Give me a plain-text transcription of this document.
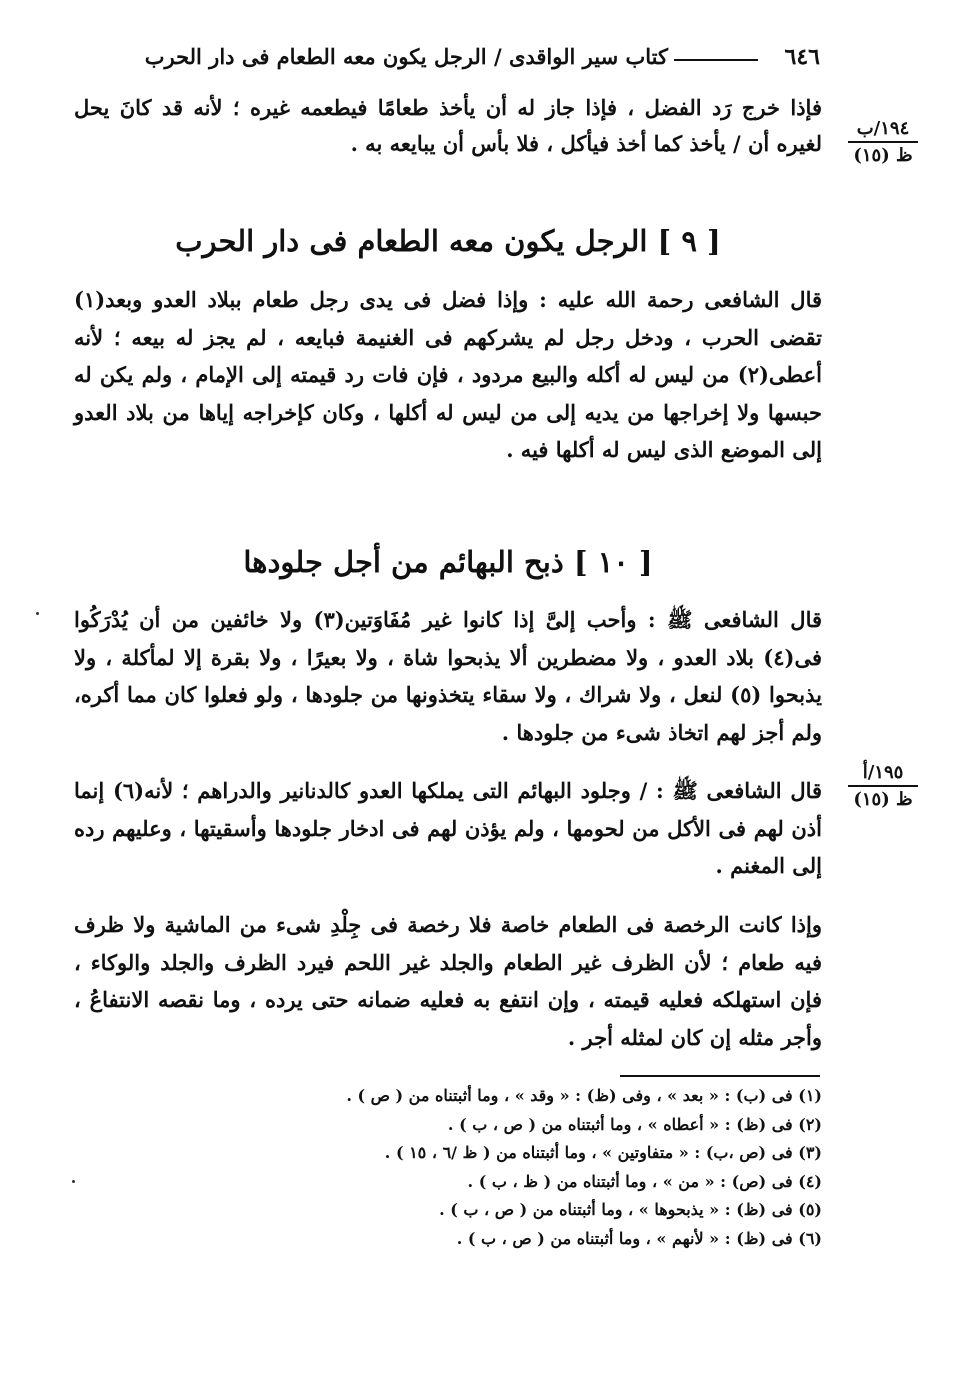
٦٤٦
كتاب سير الواقدى / الرجل يكون معه الطعام فى دار الحرب
١٩٤/ب
ظ (١٥)
١٩٥/أ
ظ (١٥)

فإذا خرج رَد الفضل ، فإذا جاز له أن يأخذ طعامًا فيطعمه غيره ؛ لأنه قد كانَ يحل لغيره أن / يأخذ كما أخذ فيأكل ، فلا بأس أن يبايعه به .

[ ٩ ] الرجل يكون معه الطعام فى دار الحرب

قال الشافعى رحمة الله عليه : وإذا فضل فى يدى رجل طعام ببلاد العدو وبعد(١) تقضى الحرب ، ودخل رجل لم يشركهم فى الغنيمة فبايعه ، لم يجز له بيعه ؛ لأنه أعطى(٢) من ليس له أكله والبيع مردود ، فإن فات رد قيمته إلى الإمام ، ولم يكن له حبسها ولا إخراجها من يديه إلى من ليس له أكلها ، وكان كإخراجه إياها من بلاد العدو إلى الموضع الذى ليس له أكلها فيه .

[ ١٠ ] ذبح البهائم من أجل جلودها

قال الشافعى ﷺ : وأحب إلىَّ إذا كانوا غير مُفَاوَتين(٣) ولا خائفين من أن يُدْرَكُوا فى(٤) بلاد العدو ، ولا مضطرين ألا يذبحوا شاة ، ولا بعيرًا ، ولا بقرة إلا لمأكلة ، ولا يذبحوا (٥) لنعل ، ولا شراك ، ولا سقاء يتخذونها من جلودها ، ولو فعلوا كان مما أكره، ولم أجز لهم اتخاذ شىء من جلودها .

قال الشافعى ﷺ : / وجلود البهائم التى يملكها العدو كالدنانير والدراهم ؛ لأنه(٦) إنما أذن لهم فى الأكل من لحومها ، ولم يؤذن لهم فى ادخار جلودها وأسقيتها ، وعليهم رده إلى المغنم .

وإذا كانت الرخصة فى الطعام خاصة فلا رخصة فى جِلْدِ شىء من الماشية ولا ظرف فيه طعام ؛ لأن الظرف غير الطعام والجلد غير اللحم فيرد الظرف والجلد والوكاء ، فإن استهلكه فعليه قيمته ، وإن انتفع به فعليه ضمانه حتى يرده ، وما نقصه الانتفاعُ ، وأجر مثله إن كان لمثله أجر .

(١) فى (ب) : « بعد » ، وفى (ظ) : « وقد » ، وما أثبتناه من ( ص ) .
(٢) فى (ظ) : « أعطاه » ، وما أثبتناه من ( ص ، ب ) .
(٣) فى (ص ،ب) : « متفاوتين » ، وما أثبتناه من ( ظ /٦ ، ١٥ ) .
(٤) فى (ص) : « من » ، وما أثبتناه من ( ظ ، ب ) .
(٥) فى (ظ) : « يذبحوها » ، وما أثبتناه من ( ص ، ب ) .
(٦) فى (ظ) : « لأنهم » ، وما أثبتناه من ( ص ، ب ) .
